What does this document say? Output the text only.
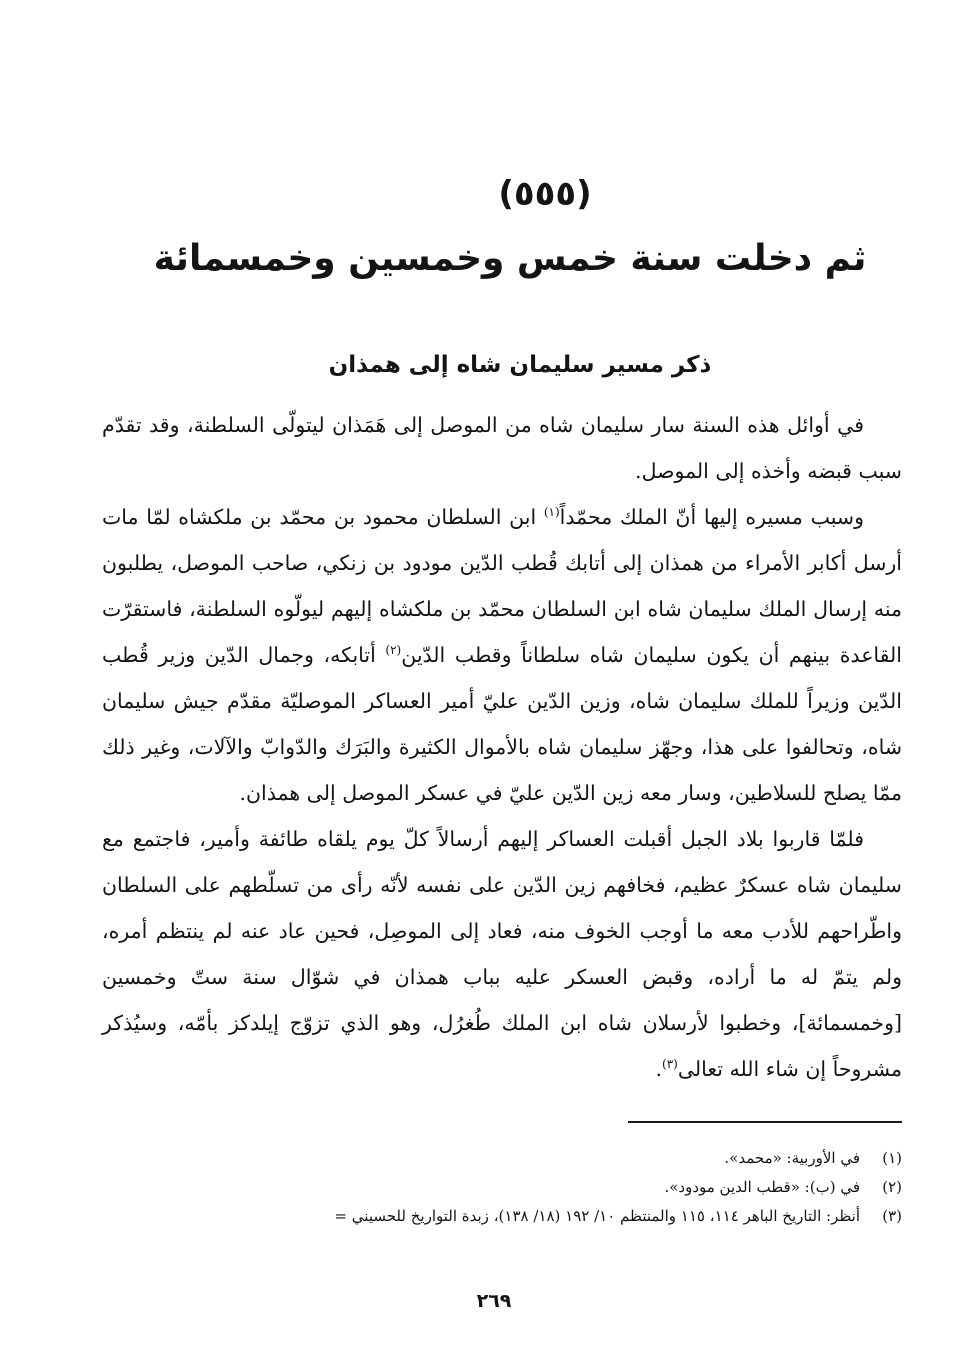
(٥٥٥)
ثم دخلت سنة خمس وخمسين وخمسمائة
ذكر مسير سليمان شاه إلى همذان

في أوائل هذه السنة سار سليمان شاه من الموصل إلى هَمَذان ليتولّى السلطنة، وقد تقدّم سبب قبضه وأخذه إلى الموصل.

وسبب مسيره إليها أنّ الملك محمّداً$^{(١)}$ ابن السلطان محمود بن محمّد بن ملكشاه لمّا مات أرسل أكابر الأمراء من همذان إلى أتابك قُطب الدّين مودود بن زنكي، صاحب الموصل، يطلبون منه إرسال الملك سليمان شاه ابن السلطان محمّد بن ملكشاه إليهم ليولّوه السلطنة، فاستقرّت القاعدة بينهم أن يكون سليمان شاه سلطاناً وقطب الدّين$^{(٢)}$ أتابكه، وجمال الدّين وزير قُطب الدّين وزيراً للملك سليمان شاه، وزين الدّين عليّ أمير العساكر الموصليّة مقدّم جيش سليمان شاه، وتحالفوا على هذا، وجهّز سليمان شاه بالأموال الكثيرة والبَرَك والدّوابّ والآلات، وغير ذلك ممّا يصلح للسلاطين، وسار معه زين الدّين عليّ في عسكر الموصل إلى همذان.

فلمّا قاربوا بلاد الجبل أقبلت العساكر إليهم أرسالاً كلّ يوم يلقاه طائفة وأمير، فاجتمع مع سليمان شاه عسكرٌ عظيم، فخافهم زين الدّين على نفسه لأنّه رأى من تسلّطهم على السلطان واطّراحهم للأدب معه ما أوجب الخوف منه، فعاد إلى الموصِل، فحين عاد عنه لم ينتظم أمره، ولم يتمّ له ما أراده، وقبض العسكر عليه بباب همذان في شوّال سنة ستّ وخمسين [وخمسمائة]، وخطبوا لأرسلان شاه ابن الملك طُغرُل، وهو الذي تزوّج إيلدكز بأمّه، وسيُذكر مشروحاً إن شاء الله تعالى$^{(٣)}$.

(١)
في الأوربية: «محمد».
(٢)
في (ب): «قطب الدين مودود».
(٣)
أنظر: التاريخ الباهر ١١٤، ١١٥ والمنتظم ١٠/ ١٩٢ (١٨/ ١٣٨)، زبدة التواريخ للحسيني =
٢٦٩
